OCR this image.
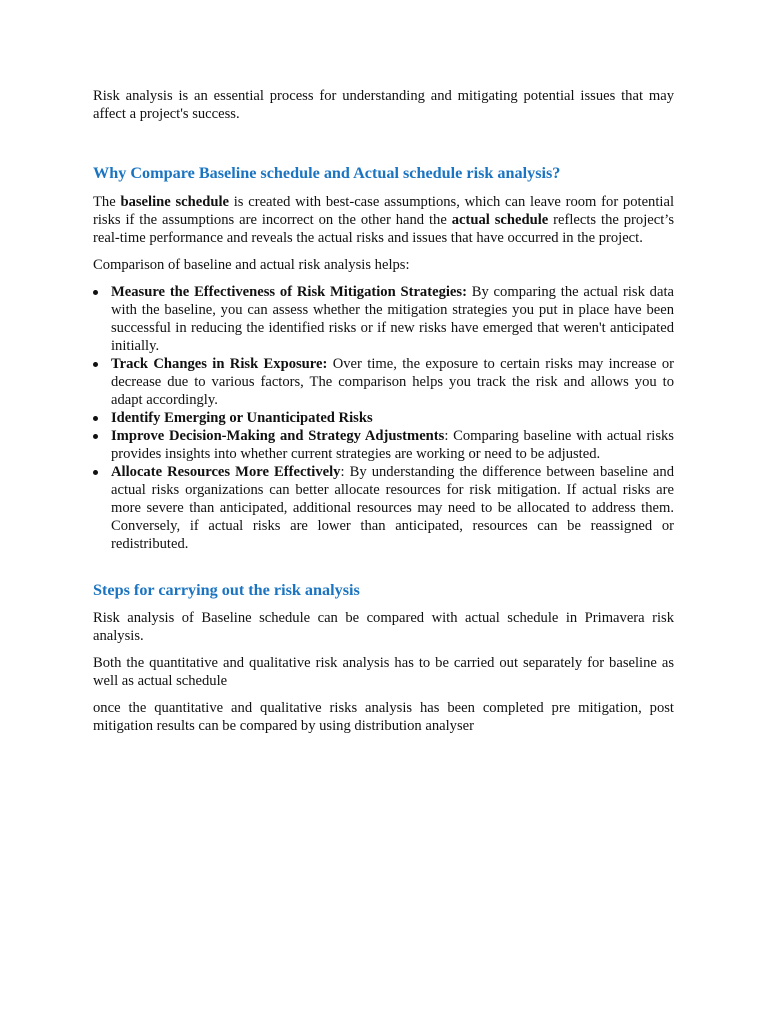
Risk analysis is an essential process for understanding and mitigating potential issues that may affect a project's success.

Why Compare Baseline schedule and Actual schedule risk analysis?

The baseline schedule is created with best-case assumptions, which can leave room for potential risks if the assumptions are incorrect on the other hand the actual schedule reflects the project’s real-time performance and reveals the actual risks and issues that have occurred in the project.

Comparison of baseline and actual risk analysis helps:

Measure the Effectiveness of Risk Mitigation Strategies: By comparing the actual risk data with the baseline, you can assess whether the mitigation strategies you put in place have been successful in reducing the identified risks or if new risks have emerged that weren't anticipated initially.
Track Changes in Risk Exposure: Over time, the exposure to certain risks may increase or decrease due to various factors, The comparison helps you track the risk and allows you to adapt accordingly.
Identify Emerging or Unanticipated Risks
Improve Decision-Making and Strategy Adjustments: Comparing baseline with actual risks provides insights into whether current strategies are working or need to be adjusted.
Allocate Resources More Effectively: By understanding the difference between baseline and actual risks organizations can better allocate resources for risk mitigation. If actual risks are more severe than anticipated, additional resources may need to be allocated to address them. Conversely, if actual risks are lower than anticipated, resources can be reassigned or redistributed.
Steps for carrying out the risk analysis

Risk analysis of Baseline schedule can be compared with actual schedule in Primavera risk analysis.

Both the quantitative and qualitative risk analysis has to be carried out separately for baseline as well as actual schedule

once the quantitative and qualitative risks analysis has been completed pre mitigation, post mitigation results can be compared by using distribution analyser
